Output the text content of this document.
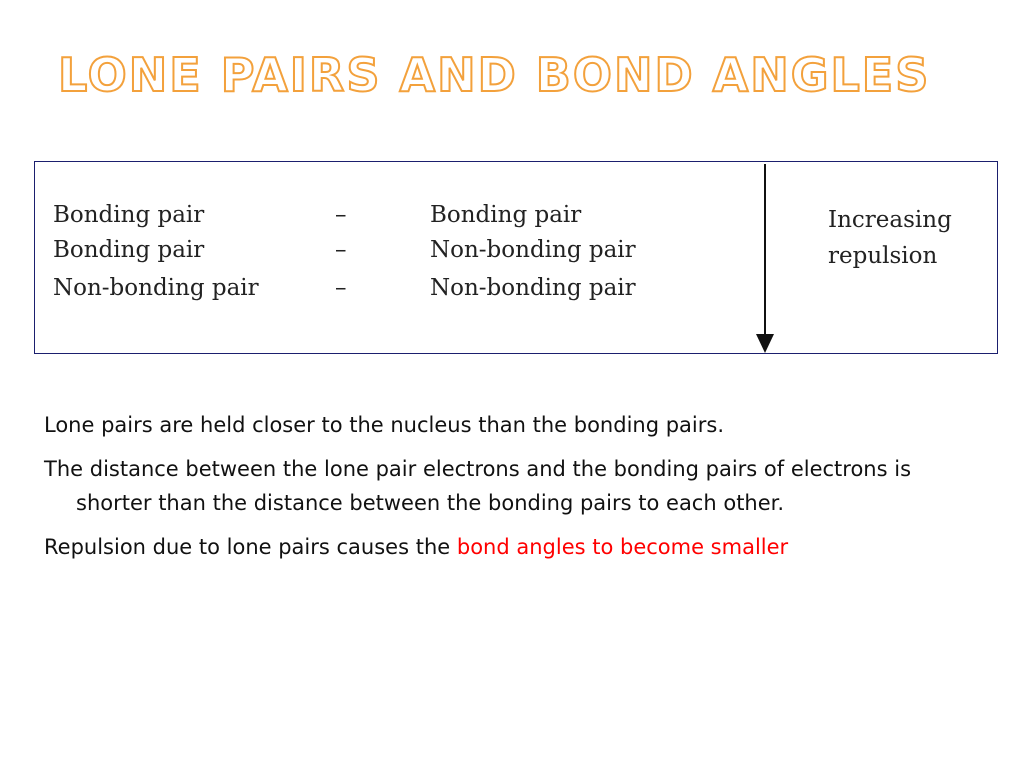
LONE PAIRS AND BOND ANGLES
Bonding pair	–	Bonding pair
Bonding pair	–	Non-bonding pair
Non-bonding pair	–	Non-bonding pair
Increasing
repulsion

Lone pairs are held closer to the nucleus than the bonding pairs.

The distance between the lone pair electrons and the bonding pairs of electrons is shorter than the distance between the bonding pairs to each other.

Repulsion due to lone pairs causes the bond angles to become smaller
